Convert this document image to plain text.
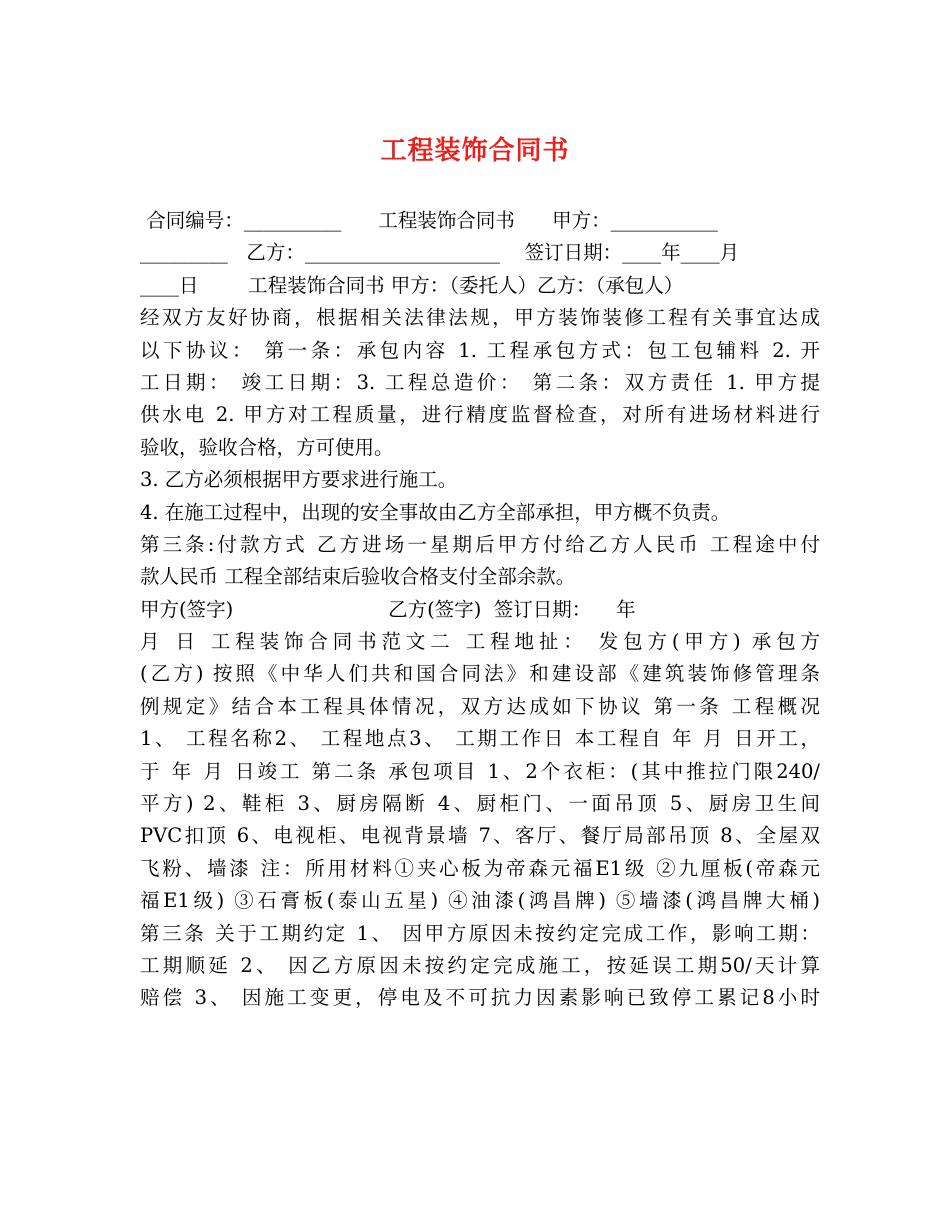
工程装饰合同书
合同编号：__________      工程装饰合同书      甲方：___________
_________   乙方：____________________    签订日期：____年____月
____日        工程装饰合同书 甲方：（委托人）乙方：（承包人）
经双方友好协商，根据相关法律法规，甲方装饰装修工程有关事宜达成
以下协议： 第一条：承包内容 1. 工程承包方式：包工包辅料 2. 开
工日期： 竣工日期：3. 工程总造价： 第二条：双方责任 1. 甲方提
供水电 2. 甲方对工程质量，进行精度监督检查，对所有进场材料进行
验收，验收合格，方可使用。
3. 乙方必须根据甲方要求进行施工。
4. 在施工过程中，出现的安全事故由乙方全部承担，甲方概不负责。
第三条:付款方式 乙方进场一星期后甲方付给乙方人民币 工程途中付
款人民币 工程全部结束后验收合格支付全部余款。
甲方(签字)                         乙方(签字)  签订日期：    年
月 日 工程装饰合同书范文二 工程地扯： 发包方(甲方) 承包方
(乙方) 按照《中华人们共和国合同法》和建设部《建筑装饰修管理条
例规定》结合本工程具体情况，双方达成如下协议 第一条 工程概况
1、 工程名称2、 工程地点3、 工期工作日 本工程自 年 月 日开工，
于 年 月 日竣工 第二条 承包项目 1、2个衣柜：(其中推拉门限240/
平方) 2、鞋柜 3、厨房隔断 4、厨柜门、一面吊顶 5、厨房卫生间
PVC扣顶 6、电视柜、电视背景墙 7、客厅、餐厅局部吊顶 8、全屋双
飞粉、墙漆 注：所用材料①夹心板为帝森元福E1级 ②九厘板(帝森元
福E1级) ③石膏板(泰山五星) ④油漆(鸿昌牌) ⑤墙漆(鸿昌牌大桶)
第三条 关于工期约定 1、 因甲方原因未按约定完成工作，影响工期：
工期顺延 2、 因乙方原因未按约定完成施工，按延误工期50/天计算
赔偿 3、 因施工变更，停电及不可抗力因素影响已致停工累记8小时
